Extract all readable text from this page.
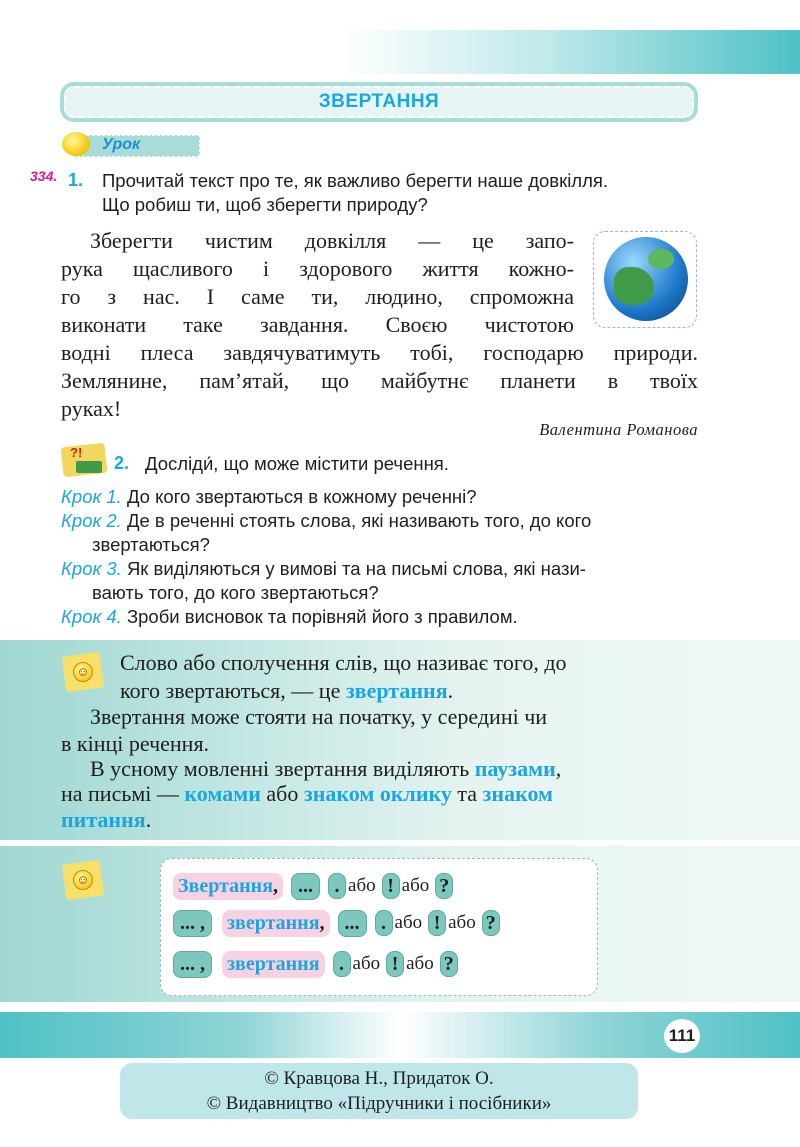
ЗВЕРТАННЯ
Урок
334. 1. Прочитай текст про те, як важливо берегти наше довкілля.
Що робиш ти, щоб зберегти природу?
Зберегти чистим довкілля — це запо-
рука щасливого і здорового життя кожно-
го з нас. І саме ти, людино, спроможна
виконати таке завдання. Своєю чистотою
водні плеса завдячуватимуть тобі, господарю природи.
Землянине, пам’ятай, що майбутнє планети в твоїх
руках!
Валентина Романова
?!
2. Досліди́, що може містити речення.
Крок 1. До кого звертаються в кожному реченні?
Крок 2. Де в реченні стоять слова, які називають того, до кого
звертаються?
Крок 3. Як виділяються у вимові та на письмі слова, які нази-
вають того, до кого звертаються?
Крок 4. Зроби висновок та порівняй його з правилом.
☺ Слово або сполучення слів, що називає того, до
кого звертаються, — це звертання.
Звертання може стояти на початку, у середині чи
в кінці речення.
В усному мовленні звертання виділяють паузами,
на письмі — комами або знаком оклику та знаком
питання.
☺	Звертання,	...	. або ! або ?
... ,	звертання,	...	. або ! або ?
... ,	звертання . або ! або ?
111
© Кравцова Н., Придаток О.
© Видавництво «Підручники і посібники»
